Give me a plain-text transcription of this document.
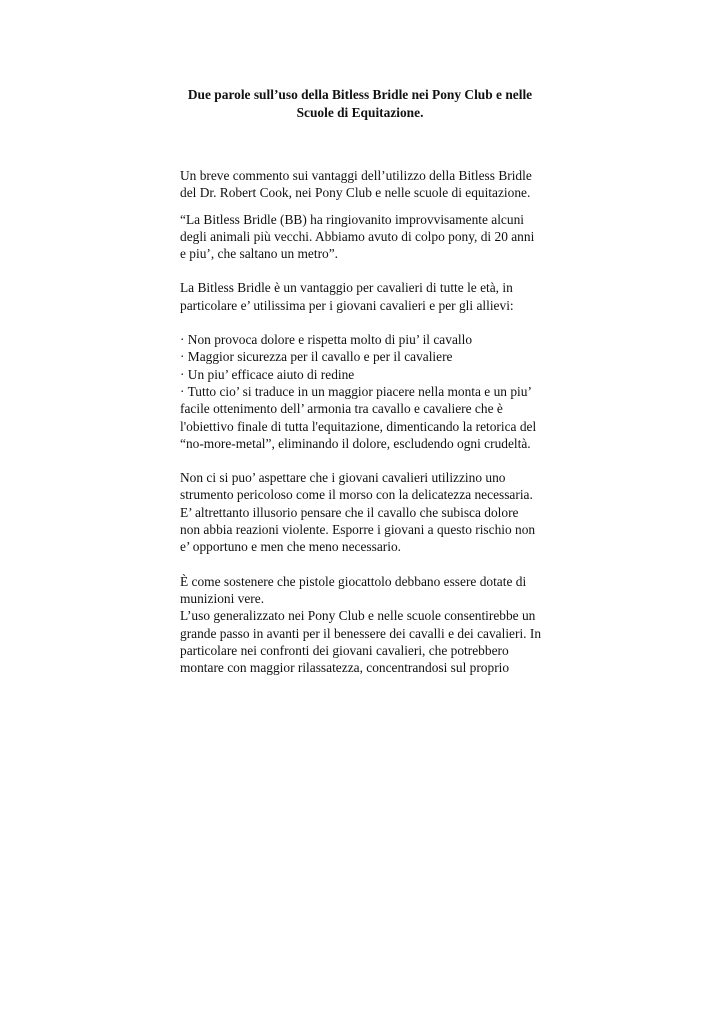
Due parole sull’uso della Bitless Bridle nei Pony Club e nelle
Scuole di Equitazione.

Un breve commento sui vantaggi dell’utilizzo della Bitless Bridle
del Dr. Robert Cook, nei Pony Club e nelle scuole di equitazione.

“La Bitless Bridle (BB) ha ringiovanito improvvisamente alcuni
degli animali più vecchi. Abbiamo avuto di colpo pony, di 20 anni
e piu’, che saltano un metro”.

La Bitless Bridle è un vantaggio per cavalieri di tutte le età, in
particolare e’ utilissima per i giovani cavalieri e per gli allievi:

· Non provoca dolore e rispetta molto di piu’ il cavallo
· Maggior sicurezza per il cavallo e per il cavaliere
· Un piu’ efficace aiuto di redine
· Tutto cio’ si traduce in un maggior piacere nella monta e un piu’
facile ottenimento dell’ armonia tra cavallo e cavaliere che è
l'obiettivo finale di tutta l'equitazione, dimenticando la retorica del
“no-more-metal”, eliminando il dolore, escludendo ogni crudeltà.

Non ci si puo’ aspettare che i giovani cavalieri utilizzino uno
strumento pericoloso come il morso con la delicatezza necessaria.
E’ altrettanto illusorio pensare che il cavallo che subisca dolore
non abbia reazioni violente. Esporre i giovani a questo rischio non
e’ opportuno e men che meno necessario.

È come sostenere che pistole giocattolo debbano essere dotate di
munizioni vere.
L’uso generalizzato nei Pony Club e nelle scuole consentirebbe un
grande passo in avanti per il benessere dei cavalli e dei cavalieri. In
particolare nei confronti dei giovani cavalieri, che potrebbero
montare con maggior rilassatezza, concentrandosi sul proprio
